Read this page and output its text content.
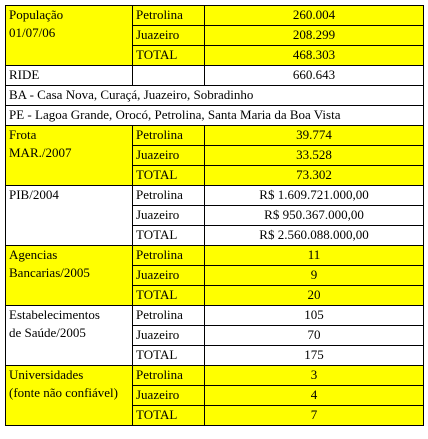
População
01/07/06	Petrolina	260.004
	Juazeiro	208.299
	TOTAL	468.303
RIDE		660.643
BA - Casa Nova, Curaçá, Juazeiro, Sobradinho		
PE - Lagoa Grande, Orocó, Petrolina, Santa Maria da Boa Vista		

Frota
MAR./2007	Petrolina	39.774
	Juazeiro	33.528
	TOTAL	73.302

PIB/2004	Petrolina	R$ 1.609.721.000,00
	Juazeiro	R$ 950.367.000,00
	TOTAL	R$ 2.560.088.000,00

Agencias
Bancarias/2005	Petrolina	11
	Juazeiro	9
	TOTAL	20

Estabelecimentos
de Saúde/2005	Petrolina	105
	Juazeiro	70
	TOTAL	175

Universidades
(fonte não confiável)	Petrolina	3
	Juazeiro	4
	TOTAL	7
